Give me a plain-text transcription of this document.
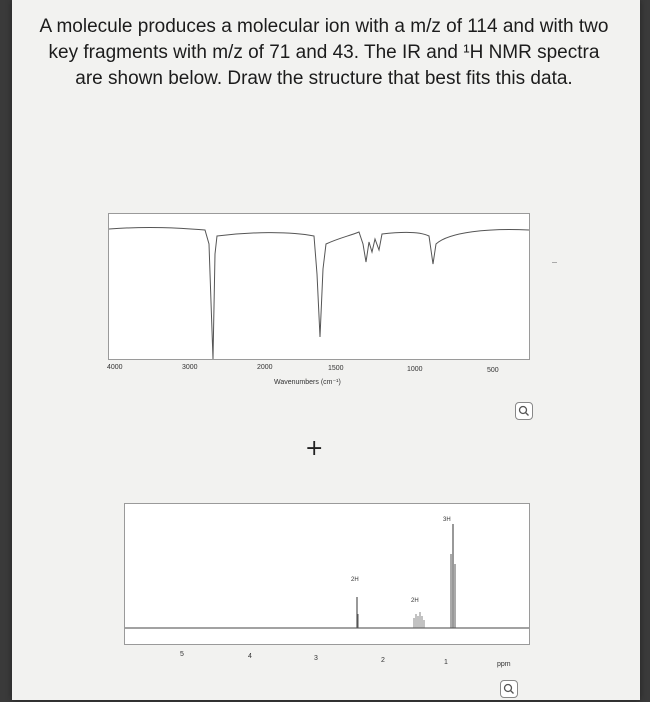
A molecule produces a molecular ion with a m/z of 114 and with two key fragments with m/z of 71 and 43. The IR and ¹H NMR spectra are shown below. Draw the structure that best fits this data.
4000	3000	2000	1500	1000	500
Wavenumbers (cm⁻¹)
+
2H
2H
3H
5	4	3	2	1	ppm
